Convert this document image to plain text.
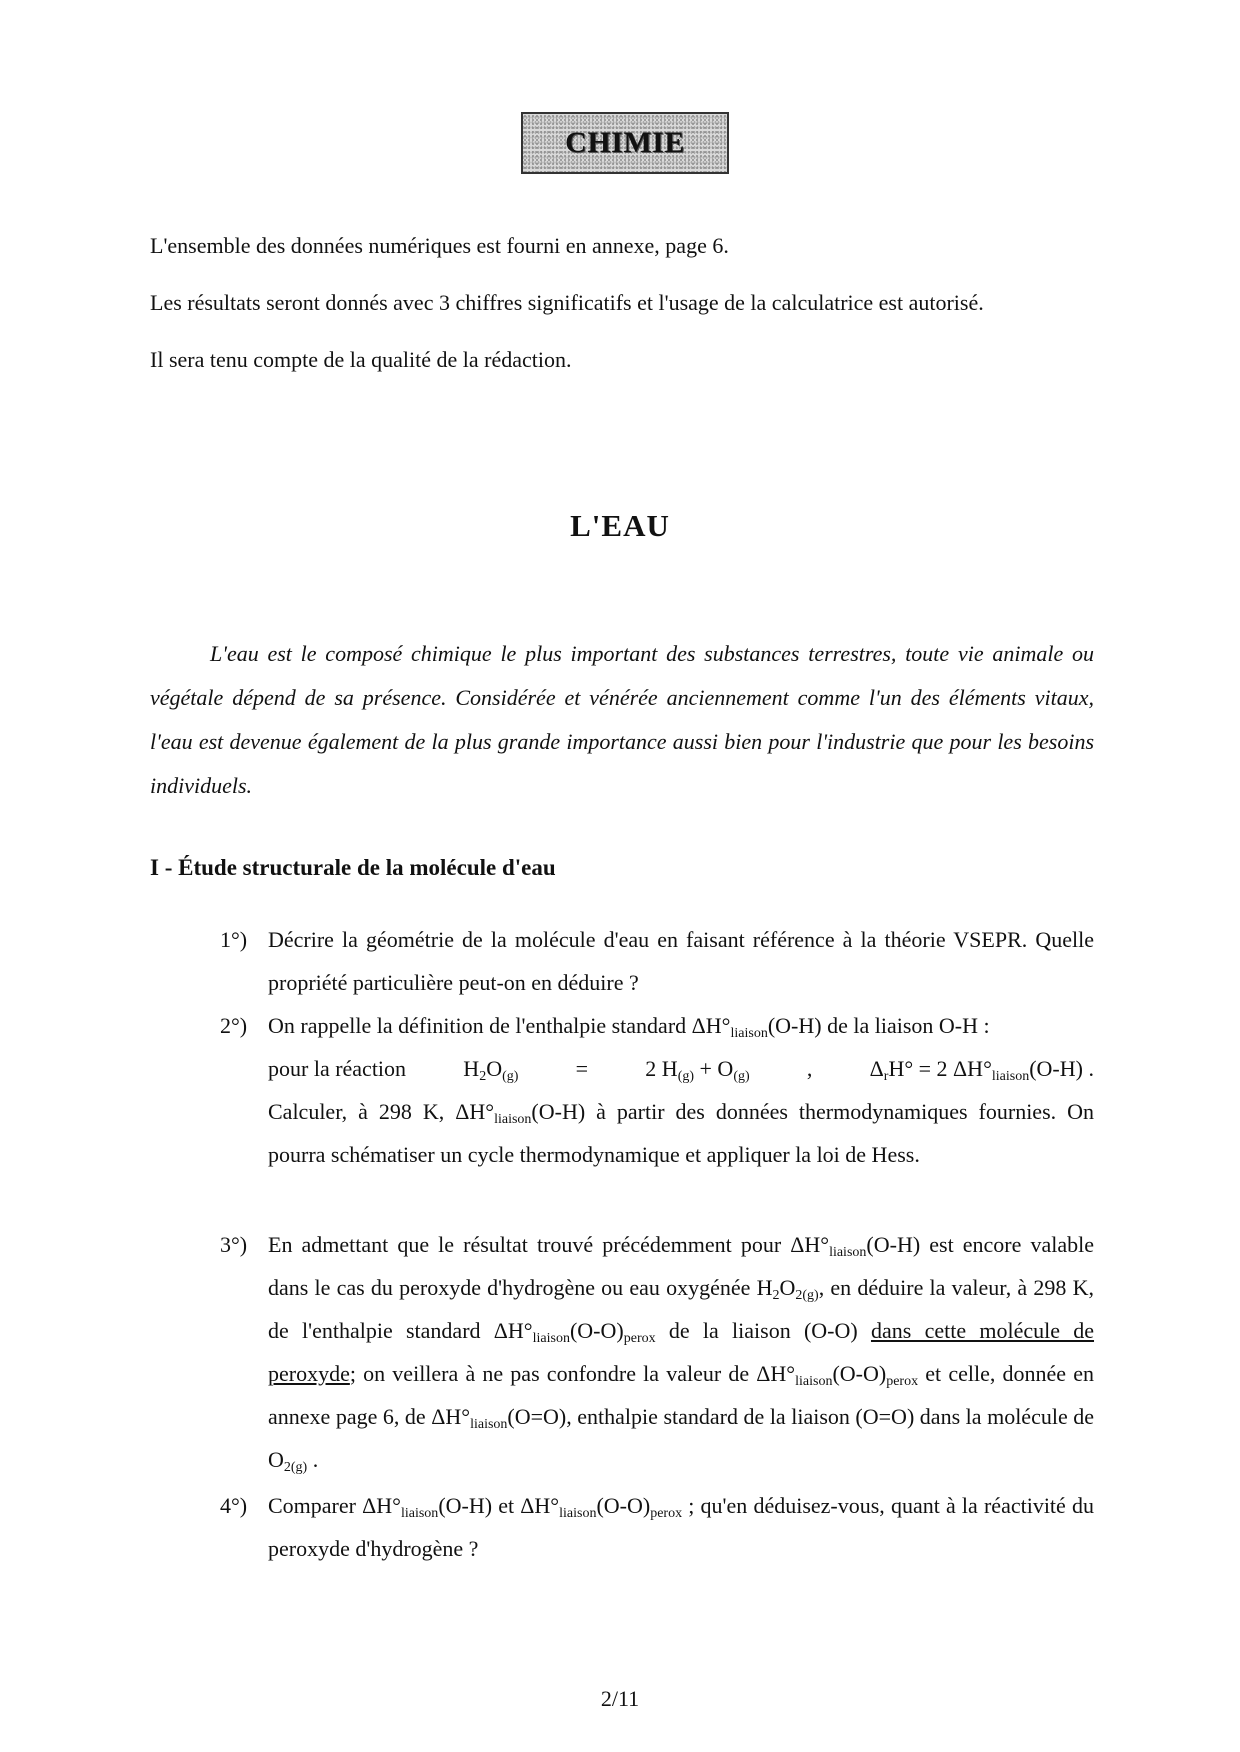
CHIMIE
L'ensemble des données numériques est fourni en annexe, page 6.
Les résultats seront donnés avec 3 chiffres significatifs et l'usage de la calculatrice est autorisé.
Il sera tenu compte de la qualité de la rédaction.
L'EAU

L'eau est le composé chimique le plus important des substances terrestres, toute vie animale ou végétale dépend de sa présence. Considérée et vénérée anciennement comme l'un des éléments vitaux, l'eau est devenue également de la plus grande importance aussi bien pour l'industrie que pour les besoins individuels.

I - Étude structurale de la molécule d'eau
1°) Décrire la géométrie de la molécule d'eau en faisant référence à la théorie VSEPR. Quelle propriété particulière peut-on en déduire ?
2°) On rappelle la définition de l'enthalpie standard $\Delta H^\circ_{liaison}(O-H)$ de la liaison O-H :
pour la réaction	$H_2O_{(g)}$	=	2 $H_{(g)} + O_{(g)}$	,	$\Delta_rH^\circ = 2$ $\Delta H^\circ_{liaison}(O-H)$ .
Calculer, à 298 K, $\Delta H^\circ_{liaison}(O-H)$ à partir des données thermodynamiques fournies. On pourra schématiser un cycle thermodynamique et appliquer la loi de Hess.
3°) En admettant que le résultat trouvé précédemment pour $\Delta H^\circ_{liaison}(O-H)$ est encore valable dans le cas du peroxyde d'hydrogène ou eau oxygénée $H_2O_{2(g)}$, en déduire la valeur, à 298 K, de l'enthalpie standard $\Delta H^\circ_{liaison}(O-O)_{perox}$ de la liaison (O-O) dans cette molécule de peroxyde; on veillera à ne pas confondre la valeur de $\Delta H^\circ_{liaison}(O-O)_{perox}$ et celle, donnée en annexe page 6, de $\Delta H^\circ_{liaison}(O=O)$, enthalpie standard de la liaison (O=O) dans la molécule de $O_{2(g)}$ .
4°) Comparer $\Delta H^\circ_{liaison}(O-H)$ et $\Delta H^\circ_{liaison}(O-O)_{perox}$ ; qu'en déduisez-vous, quant à la réactivité du peroxyde d'hydrogène ?
2/11
